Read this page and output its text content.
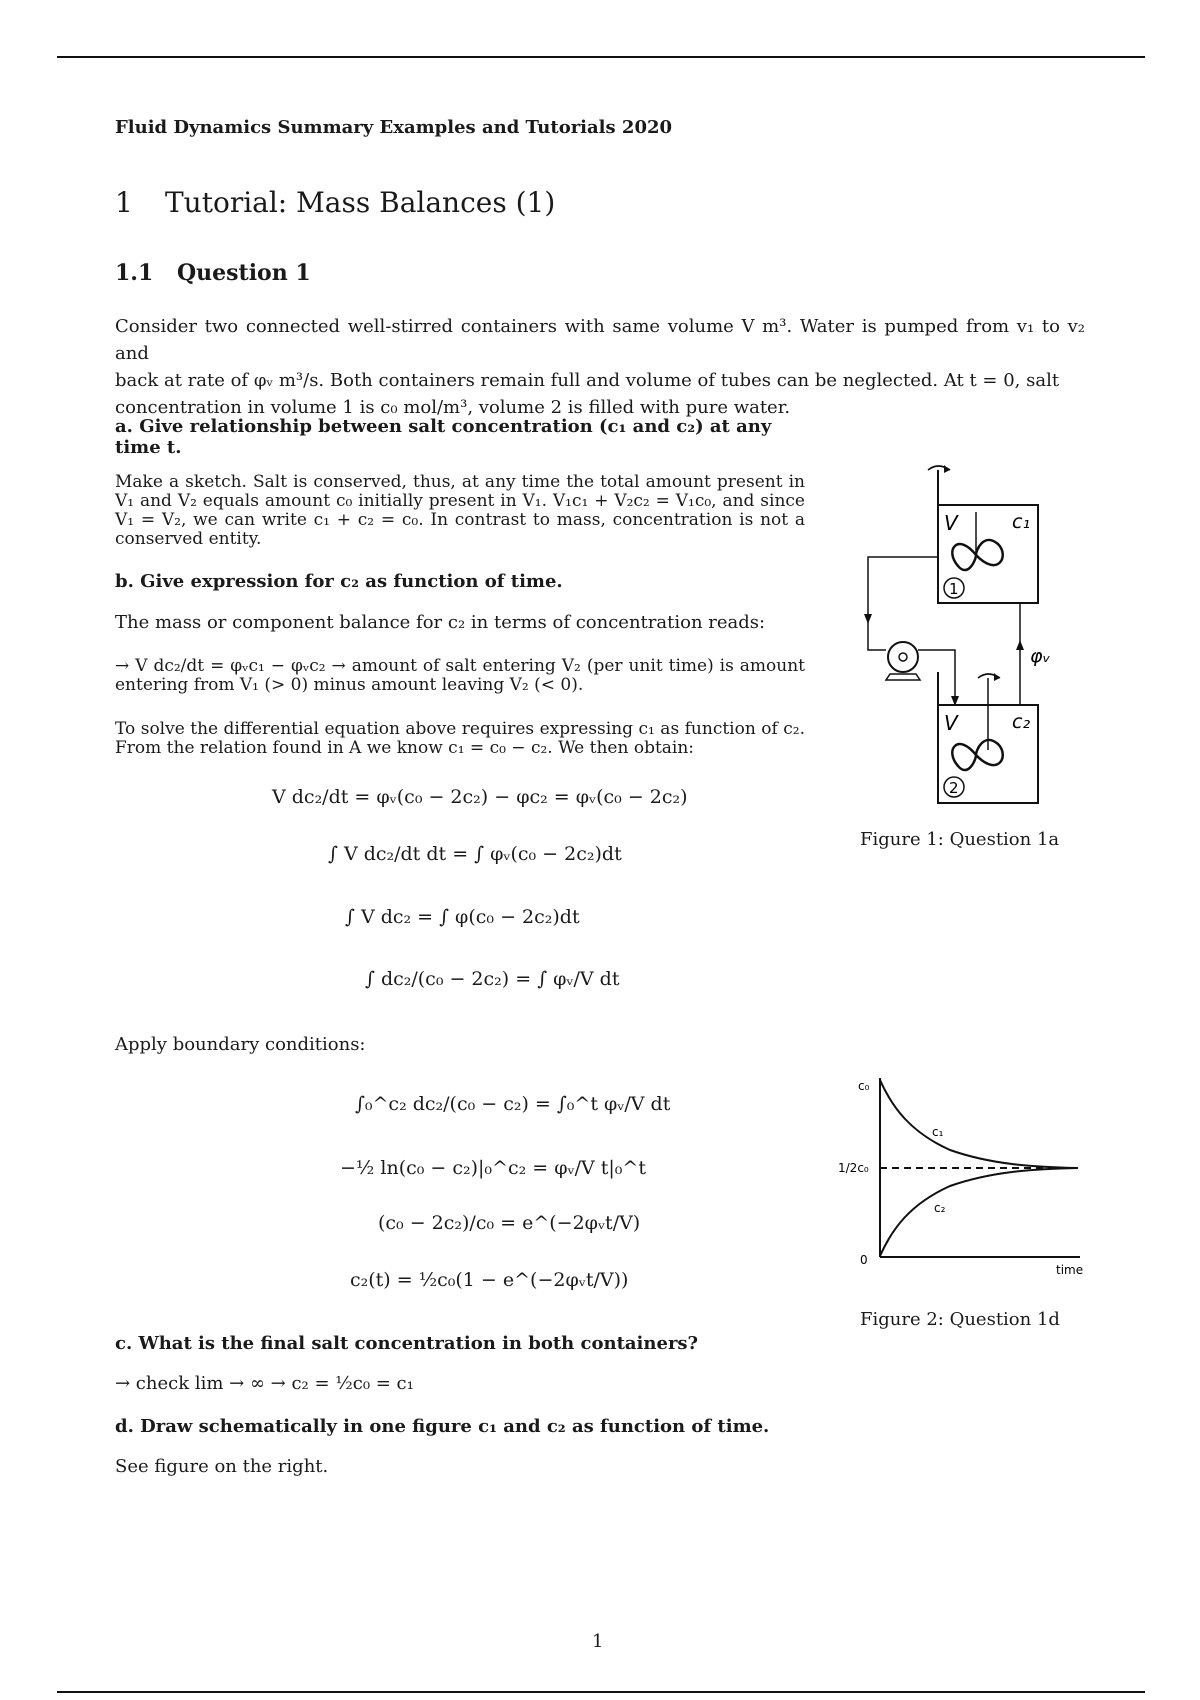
Fluid Dynamics Summary Examples and Tutorials 2020
1 Tutorial: Mass Balances (1)
1.1 Question 1
Consider two connected well-stirred containers with same volume V m³. Water is pumped from v₁ to v₂ and
back at rate of φᵥ m³/s. Both containers remain full and volume of tubes can be neglected. At t = 0, salt
concentration in volume 1 is c₀ mol/m³, volume 2 is filled with pure water.
a. Give relationship between salt concentration (c₁ and c₂) at any time t.
Make a sketch. Salt is conserved, thus, at any time the total amount present in V₁ and V₂ equals amount c₀ initially present in V₁. V₁c₁ + V₂c₂ = V₁c₀, and since V₁ = V₂, we can write c₁ + c₂ = c₀. In contrast to mass, concentration is not a conserved entity.
b. Give expression for c₂ as function of time.
The mass or component balance for c₂ in terms of concentration reads:
→ V dc₂/dt = φᵥc₁ − φᵥc₂ → amount of salt entering V₂ (per unit time) is amount entering from V₁ (> 0) minus amount leaving V₂ (< 0).
To solve the differential equation above requires expressing c₁ as function of c₂. From the relation found in A we know c₁ = c₀ − c₂. We then obtain:
V dc₂/dt = φᵥ(c₀ − 2c₂) − φc₂ = φᵥ(c₀ − 2c₂)
∫ V dc₂/dt dt = ∫ φᵥ(c₀ − 2c₂)dt
∫ V dc₂ = ∫ φ(c₀ − 2c₂)dt
∫ dc₂/(c₀ − 2c₂) = ∫ φᵥ/V dt
Apply boundary conditions:
∫₀^c₂ dc₂/(c₀ − c₂) = ∫₀^t φᵥ/V dt
−½ ln(c₀ − c₂)|₀^c₂ = φᵥ/V t|₀^t
(c₀ − 2c₂)/c₀ = e^(−2φᵥt/V)
c₂(t) = ½c₀(1 − e^(−2φᵥt/V))
c. What is the final salt concentration in both containers?
→ check lim → ∞ → c₂ = ½c₀ = c₁
d. Draw schematically in one figure c₁ and c₂ as function of time.
See figure on the right.
V	c₁
1
φᵥ
V	c₂
2
Figure 1: Question 1a
c₀
1/2c₀
0
time
c₁
c₂
Figure 2: Question 1d
1
